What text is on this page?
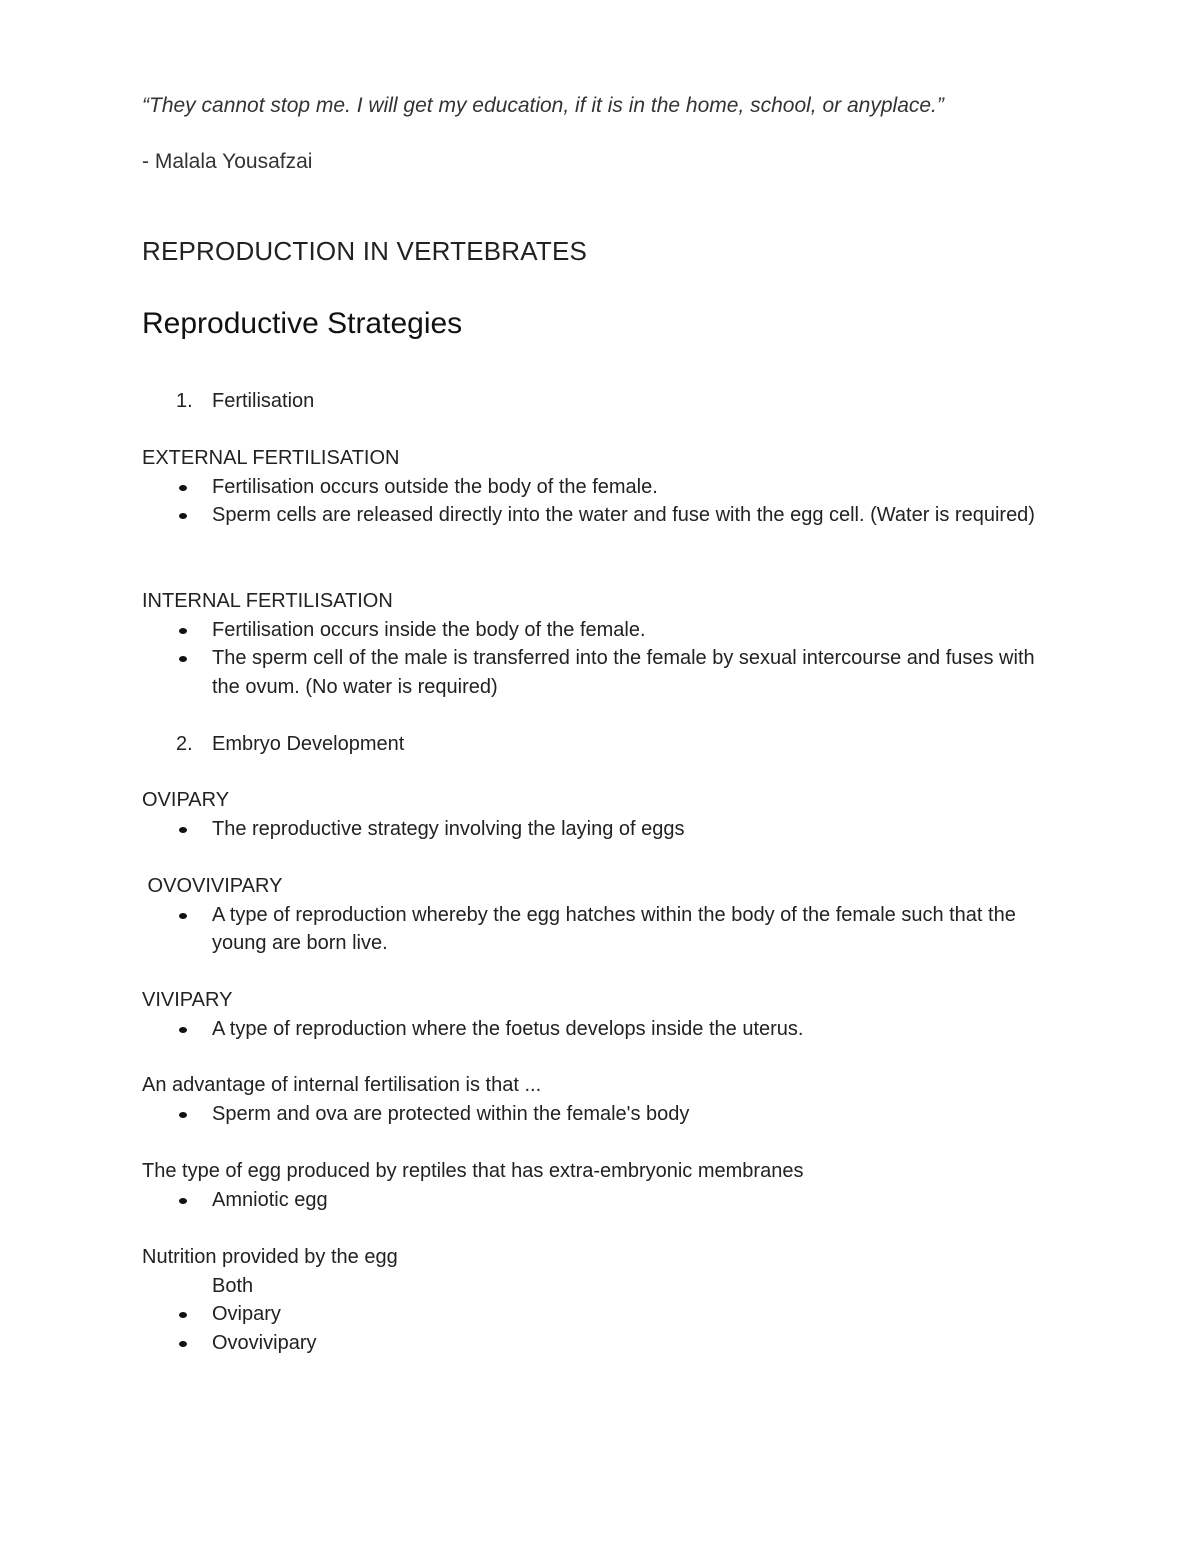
“They cannot stop me. I will get my education, if it is in the home, school, or anyplace.”
- Malala Yousafzai
REPRODUCTION IN VERTEBRATES
Reproductive Strategies
1. Fertilisation
EXTERNAL FERTILISATION
Fertilisation occurs outside the body of the female.
Sperm cells are released directly into the water and fuse with the egg cell. (Water is required)
INTERNAL FERTILISATION
Fertilisation occurs inside the body of the female.
The sperm cell of the male is transferred into the female by sexual intercourse and fuses with the ovum. (No water is required)
2. Embryo Development
OVIPARY
The reproductive strategy involving the laying of eggs
OVOVIVIPARY
A type of reproduction whereby the egg hatches within the body of the female such that the young are born live.
VIVIPARY
A type of reproduction where the foetus develops inside the uterus.
An advantage of internal fertilisation is that ...
Sperm and ova are protected within the female's body
The type of egg produced by reptiles that has extra-embryonic membranes
Amniotic egg
Nutrition provided by the egg
Both
Ovipary
Ovovivipary
